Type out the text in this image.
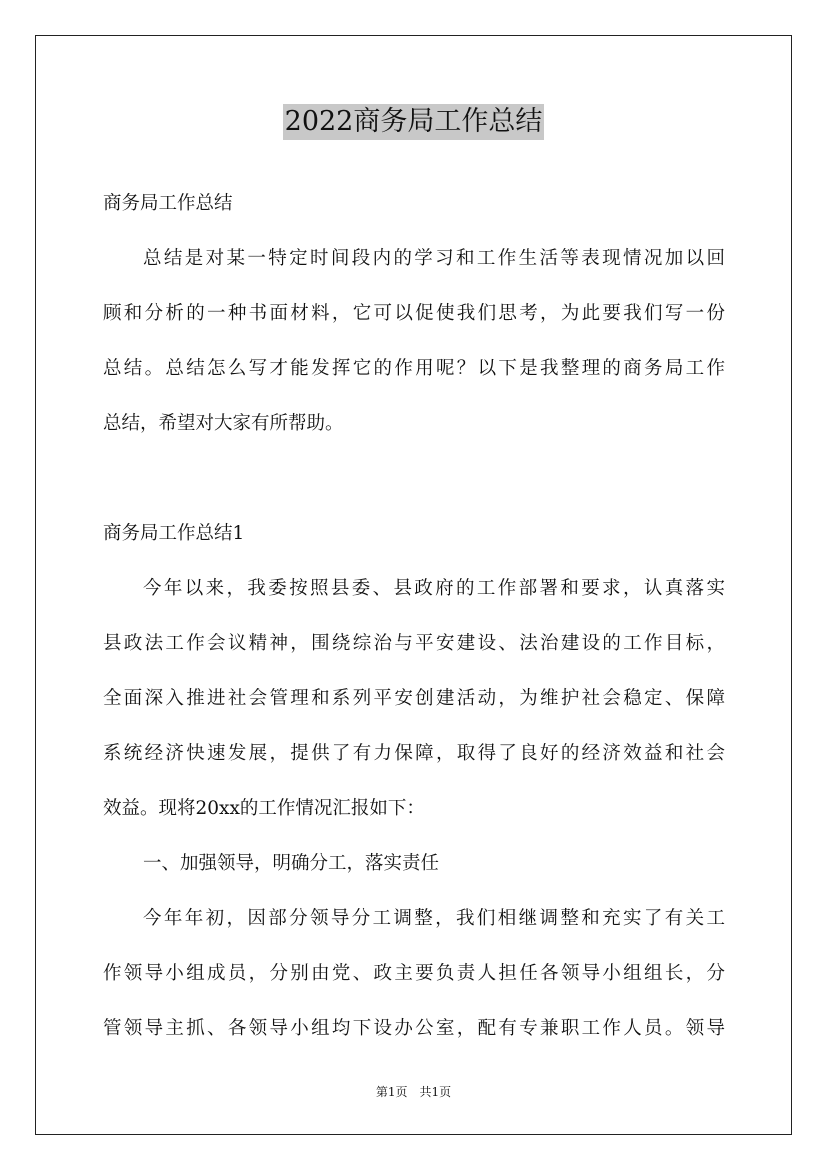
2022商务局工作总结
商务局工作总结
总结是对某一特定时间段内的学习和工作生活等表现情况加以回
顾和分析的一种书面材料，它可以促使我们思考，为此要我们写一份
总结。总结怎么写才能发挥它的作用呢？以下是我整理的商务局工作
总结，希望对大家有所帮助。
商务局工作总结1
今年以来，我委按照县委、县政府的工作部署和要求，认真落实
县政法工作会议精神，围绕综治与平安建设、法治建设的工作目标，
全面深入推进社会管理和系列平安创建活动，为维护社会稳定、保障
系统经济快速发展，提供了有力保障，取得了良好的经济效益和社会
效益。现将20xx的工作情况汇报如下：
一、加强领导，明确分工，落实责任
今年年初，因部分领导分工调整，我们相继调整和充实了有关工
作领导小组成员，分别由党、政主要负责人担任各领导小组组长，分
管领导主抓、各领导小组均下设办公室，配有专兼职工作人员。领导
第1页 共1页
